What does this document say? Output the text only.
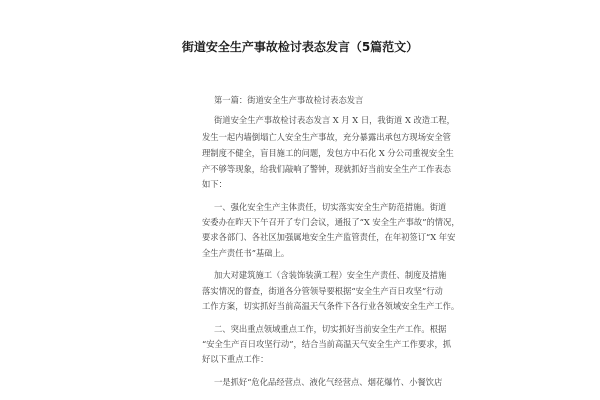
街道安全生产事故检讨表态发言（5篇范文）
第一篇：街道安全生产事故检讨表态发言
街道安全生产事故检讨表态发言 X 月 X 日，我街道 X 改造工程，
发生一起内墙倒塌亡人安全生产事故，充分暴露出承包方现场安全管
理制度不健全，盲目施工的问题，发包方中石化 X 分公司重视安全生
产不够等现象，给我们敲响了警钟，现就抓好当前安全生产工作表态
如下：
一、强化安全生产主体责任，切实落实安全生产防范措施。街道
安委办在昨天下午召开了专门会议，通报了“X 安全生产事故”的情况，
要求各部门、各社区加强属地安全生产监管责任，在年初签订“X 年安
全生产责任书”基础上。
加大对建筑施工（含装饰装潢工程）安全生产责任、制度及措施
落实情况的督查，街道各分管领导要根据“安全生产百日攻坚”行动
工作方案，切实抓好当前高温天气条件下各行业各领域安全生产工作。
二、突出重点领域重点工作，切实抓好当前安全生产工作。根据
“安全生产百日攻坚行动”，结合当前高温天气安全生产工作要求，抓
好以下重点工作：
一是抓好“危化品经营点、液化气经营点、烟花爆竹、小餐饮店
